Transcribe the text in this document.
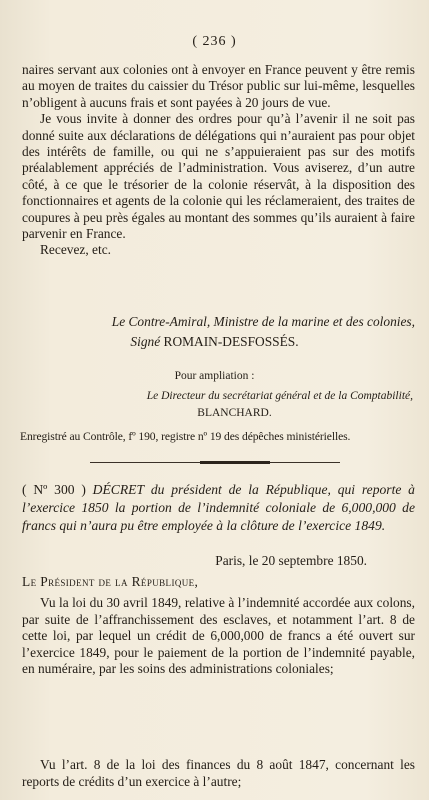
( 236 )

naires servant aux colonies ont à envoyer en France peuvent y être remis au moyen de traites du caissier du Trésor public sur lui-même, lesquelles n’obligent à aucuns frais et sont payées à 20 jours de vue.

Je vous invite à donner des ordres pour qu’à l’avenir il ne soit pas donné suite aux déclarations de délégations qui n’auraient pas pour objet des intérêts de famille, ou qui ne s’appuieraient pas sur des motifs préalablement appréciés de l’administration. Vous aviserez, d’un autre côté, à ce que le trésorier de la colonie réservât, à la disposition des fonctionnaires et agents de la colonie qui les réclameraient, des traites de coupures à peu près égales au montant des sommes qu’ils auraient à faire parvenir en France.

Recevez, etc.

Le Contre-Amiral, Ministre de la marine et des colonies,
Signé ROMAIN-DESFOSSÉS.
Pour ampliation :
Le Directeur du secrétariat général et de la Comptabilité,
BLANCHARD.
Enregistré au Contrôle, fº 190, registre nº 19 des dépêches ministérielles.
( Nº 300 ) DÉCRET du président de la République, qui reporte à l’exercice 1850 la portion de l’indemnité coloniale de 6,000,000 de francs qui n’aura pu être employée à la clôture de l’exercice 1849.
Paris, le 20 septembre 1850.
Le Président de la République,

Vu la loi du 30 avril 1849, relative à l’indemnité accordée aux colons, par suite de l’affranchissement des esclaves, et notamment l’art. 8 de cette loi, par lequel un crédit de 6,000,000 de francs a été ouvert sur l’exercice 1849, pour le paiement de la portion de l’indemnité payable, en numéraire, par les soins des administrations coloniales;

Vu l’art. 8 de la loi des finances du 8 août 1847, concernant les reports de crédits d’un exercice à l’autre;
